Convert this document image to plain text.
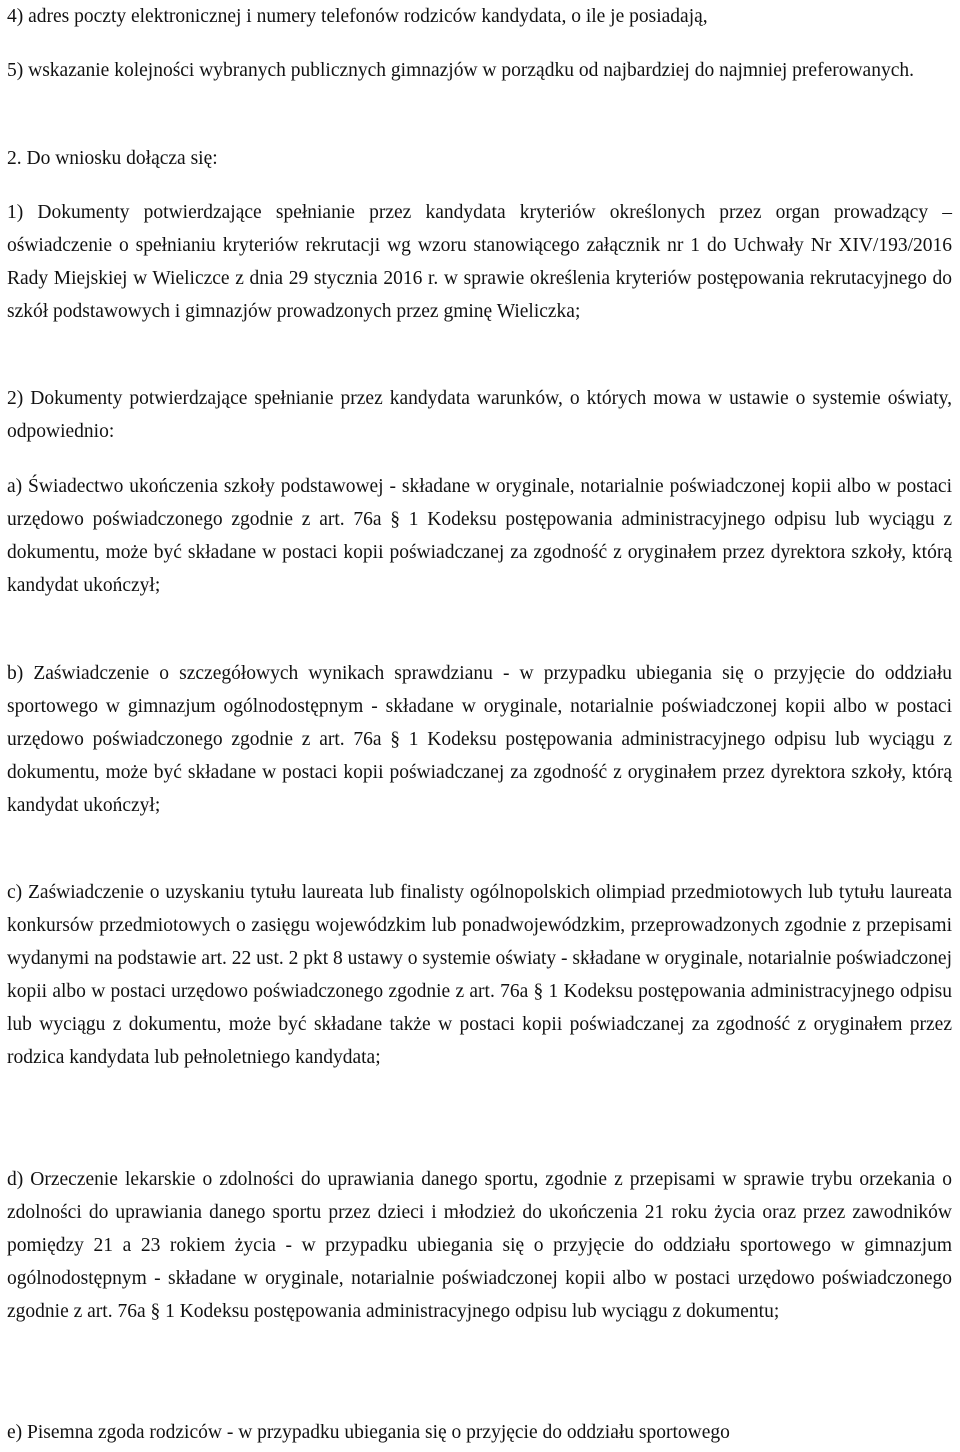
4) adres poczty elektronicznej i numery telefonów rodziców kandydata, o ile je posiadają,

5) wskazanie kolejności wybranych publicznych gimnazjów w porządku od najbardziej do najmniej preferowanych.

2. Do wniosku dołącza się:

1) Dokumenty potwierdzające spełnianie przez kandydata kryteriów określonych przez organ prowadzący – oświadczenie o spełnianiu kryteriów rekrutacji wg wzoru stanowiącego załącznik nr 1 do Uchwały Nr XIV/193/2016 Rady Miejskiej w Wieliczce z dnia 29 stycznia 2016 r. w sprawie określenia kryteriów postępowania rekrutacyjnego do szkół podstawowych i gimnazjów prowadzonych przez gminę Wieliczka;

2) Dokumenty potwierdzające spełnianie przez kandydata warunków, o których mowa w ustawie o systemie oświaty, odpowiednio:

a) Świadectwo ukończenia szkoły podstawowej - składane w oryginale, notarialnie poświadczonej kopii albo w postaci urzędowo poświadczonego zgodnie z art. 76a § 1 Kodeksu postępowania administracyjnego odpisu lub wyciągu z dokumentu, może być składane w postaci kopii poświadczanej za zgodność z oryginałem przez dyrektora szkoły, którą kandydat ukończył;

b) Zaświadczenie o szczegółowych wynikach sprawdzianu - w przypadku ubiegania się o przyjęcie do oddziału sportowego w gimnazjum ogólnodostępnym - składane w oryginale, notarialnie poświadczonej kopii albo w postaci urzędowo poświadczonego zgodnie z art. 76a § 1 Kodeksu postępowania administracyjnego odpisu lub wyciągu z dokumentu, może być składane w postaci kopii poświadczanej za zgodność z oryginałem przez dyrektora szkoły, którą kandydat ukończył;

c) Zaświadczenie o uzyskaniu tytułu laureata lub finalisty ogólnopolskich olimpiad przedmiotowych lub tytułu laureata konkursów przedmiotowych o zasięgu wojewódzkim lub ponadwojewódzkim, przeprowadzonych zgodnie z przepisami wydanymi na podstawie art. 22 ust. 2 pkt 8 ustawy o systemie oświaty - składane w oryginale, notarialnie poświadczonej kopii albo w postaci urzędowo poświadczonego zgodnie z art. 76a § 1 Kodeksu postępowania administracyjnego odpisu lub wyciągu z dokumentu, może być składane także w postaci kopii poświadczanej za zgodność z oryginałem przez rodzica kandydata lub pełnoletniego kandydata;

d) Orzeczenie lekarskie o zdolności do uprawiania danego sportu, zgodnie z przepisami w sprawie trybu orzekania o zdolności do uprawiania danego sportu przez dzieci i młodzież do ukończenia 21 roku życia oraz przez zawodników pomiędzy 21 a 23 rokiem życia - w przypadku ubiegania się o przyjęcie do oddziału sportowego w gimnazjum ogólnodostępnym - składane w oryginale, notarialnie poświadczonej kopii albo w postaci urzędowo poświadczonego zgodnie z art. 76a § 1 Kodeksu postępowania administracyjnego odpisu lub wyciągu z dokumentu;

e) Pisemna zgoda rodziców - w przypadku ubiegania się o przyjęcie do oddziału sportowego
